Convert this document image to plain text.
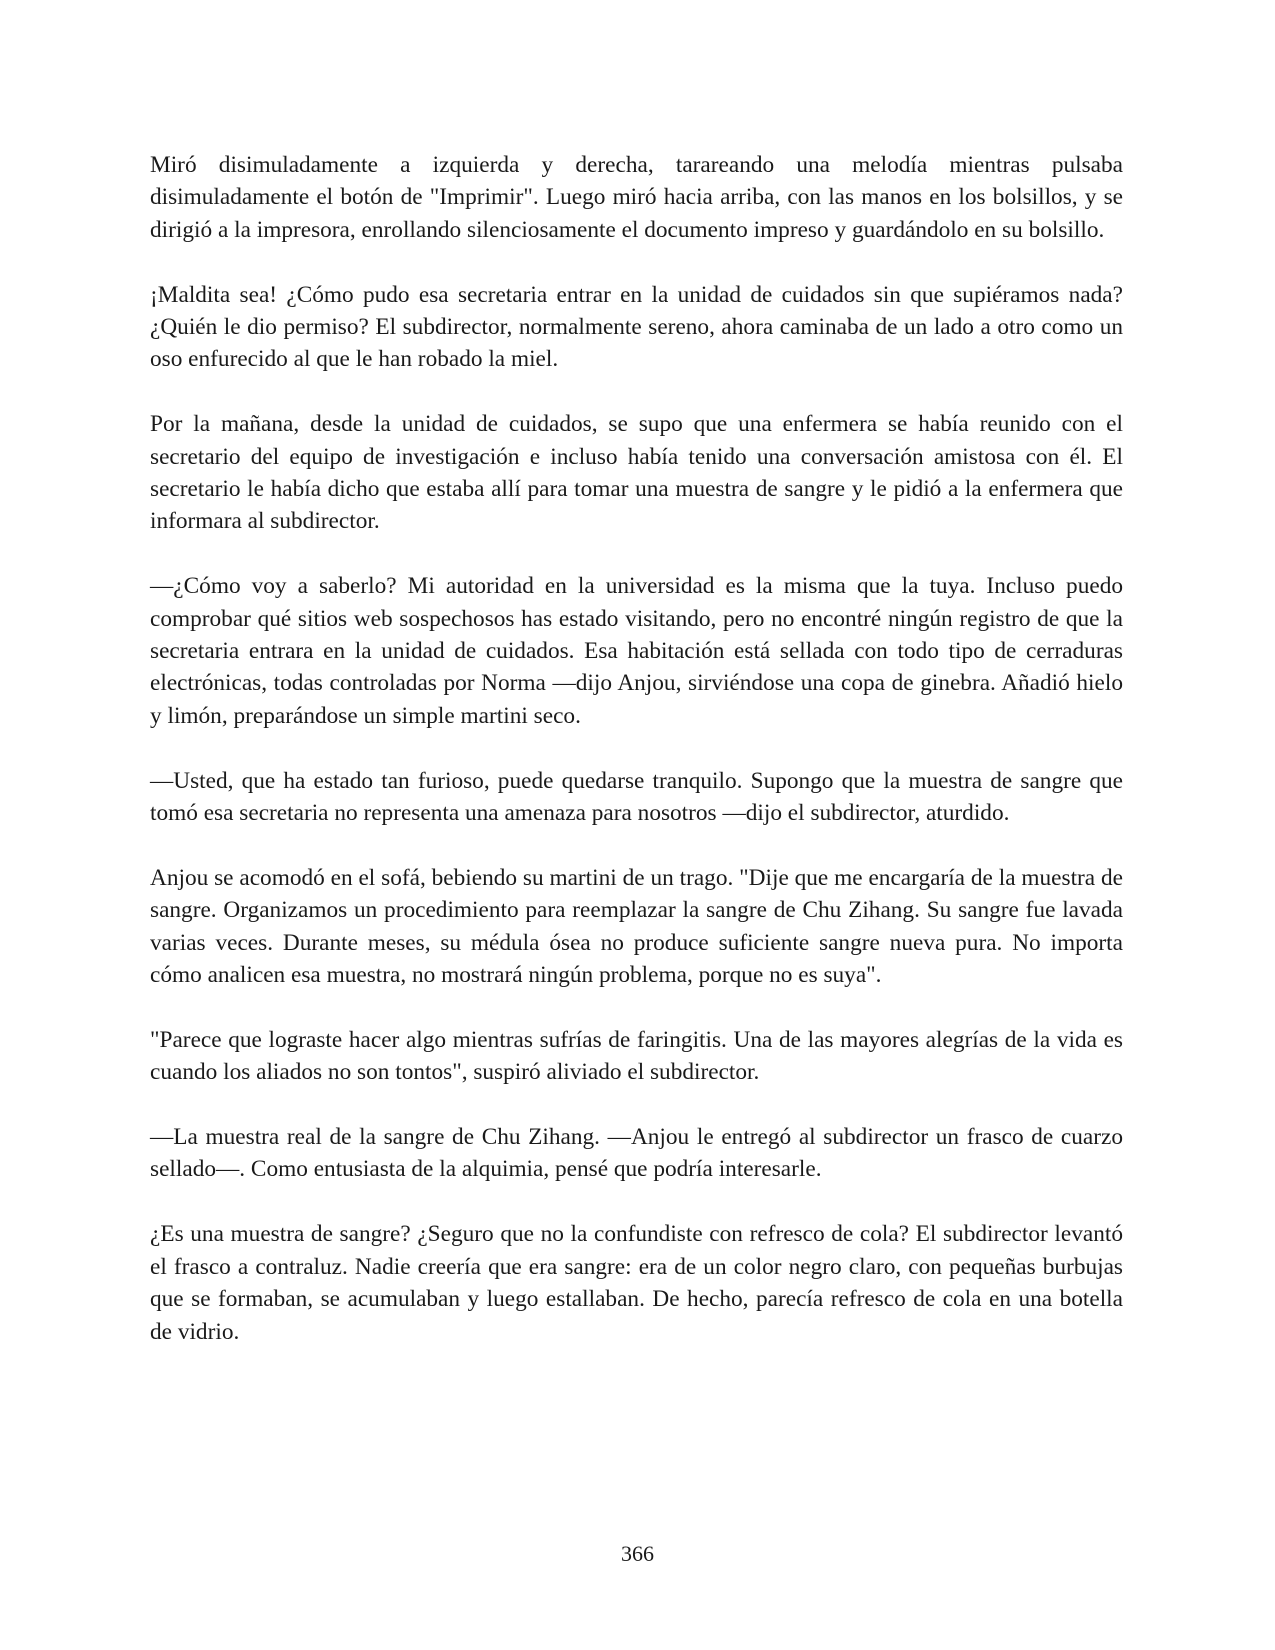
Miró disimuladamente a izquierda y derecha, tarareando una melodía mientras pulsaba disimuladamente el botón de "Imprimir". Luego miró hacia arriba, con las manos en los bolsillos, y se dirigió a la impresora, enrollando silenciosamente el documento impreso y guardándolo en su bolsillo.

¡Maldita sea! ¿Cómo pudo esa secretaria entrar en la unidad de cuidados sin que supiéramos nada? ¿Quién le dio permiso? El subdirector, normalmente sereno, ahora caminaba de un lado a otro como un oso enfurecido al que le han robado la miel.

Por la mañana, desde la unidad de cuidados, se supo que una enfermera se había reunido con el secretario del equipo de investigación e incluso había tenido una conversación amistosa con él. El secretario le había dicho que estaba allí para tomar una muestra de sangre y le pidió a la enfermera que informara al subdirector.

—¿Cómo voy a saberlo? Mi autoridad en la universidad es la misma que la tuya. Incluso puedo comprobar qué sitios web sospechosos has estado visitando, pero no encontré ningún registro de que la secretaria entrara en la unidad de cuidados. Esa habitación está sellada con todo tipo de cerraduras electrónicas, todas controladas por Norma —dijo Anjou, sirviéndose una copa de ginebra. Añadió hielo y limón, preparándose un simple martini seco.

—Usted, que ha estado tan furioso, puede quedarse tranquilo. Supongo que la muestra de sangre que tomó esa secretaria no representa una amenaza para nosotros —dijo el subdirector, aturdido.

Anjou se acomodó en el sofá, bebiendo su martini de un trago. "Dije que me encargaría de la muestra de sangre. Organizamos un procedimiento para reemplazar la sangre de Chu Zihang. Su sangre fue lavada varias veces. Durante meses, su médula ósea no produce suficiente sangre nueva pura. No importa cómo analicen esa muestra, no mostrará ningún problema, porque no es suya".

"Parece que lograste hacer algo mientras sufrías de faringitis. Una de las mayores alegrías de la vida es cuando los aliados no son tontos", suspiró aliviado el subdirector.

—La muestra real de la sangre de Chu Zihang. —Anjou le entregó al subdirector un frasco de cuarzo sellado—. Como entusiasta de la alquimia, pensé que podría interesarle.

¿Es una muestra de sangre? ¿Seguro que no la confundiste con refresco de cola? El subdirector levantó el frasco a contraluz. Nadie creería que era sangre: era de un color negro claro, con pequeñas burbujas que se formaban, se acumulaban y luego estallaban. De hecho, parecía refresco de cola en una botella de vidrio.

366
